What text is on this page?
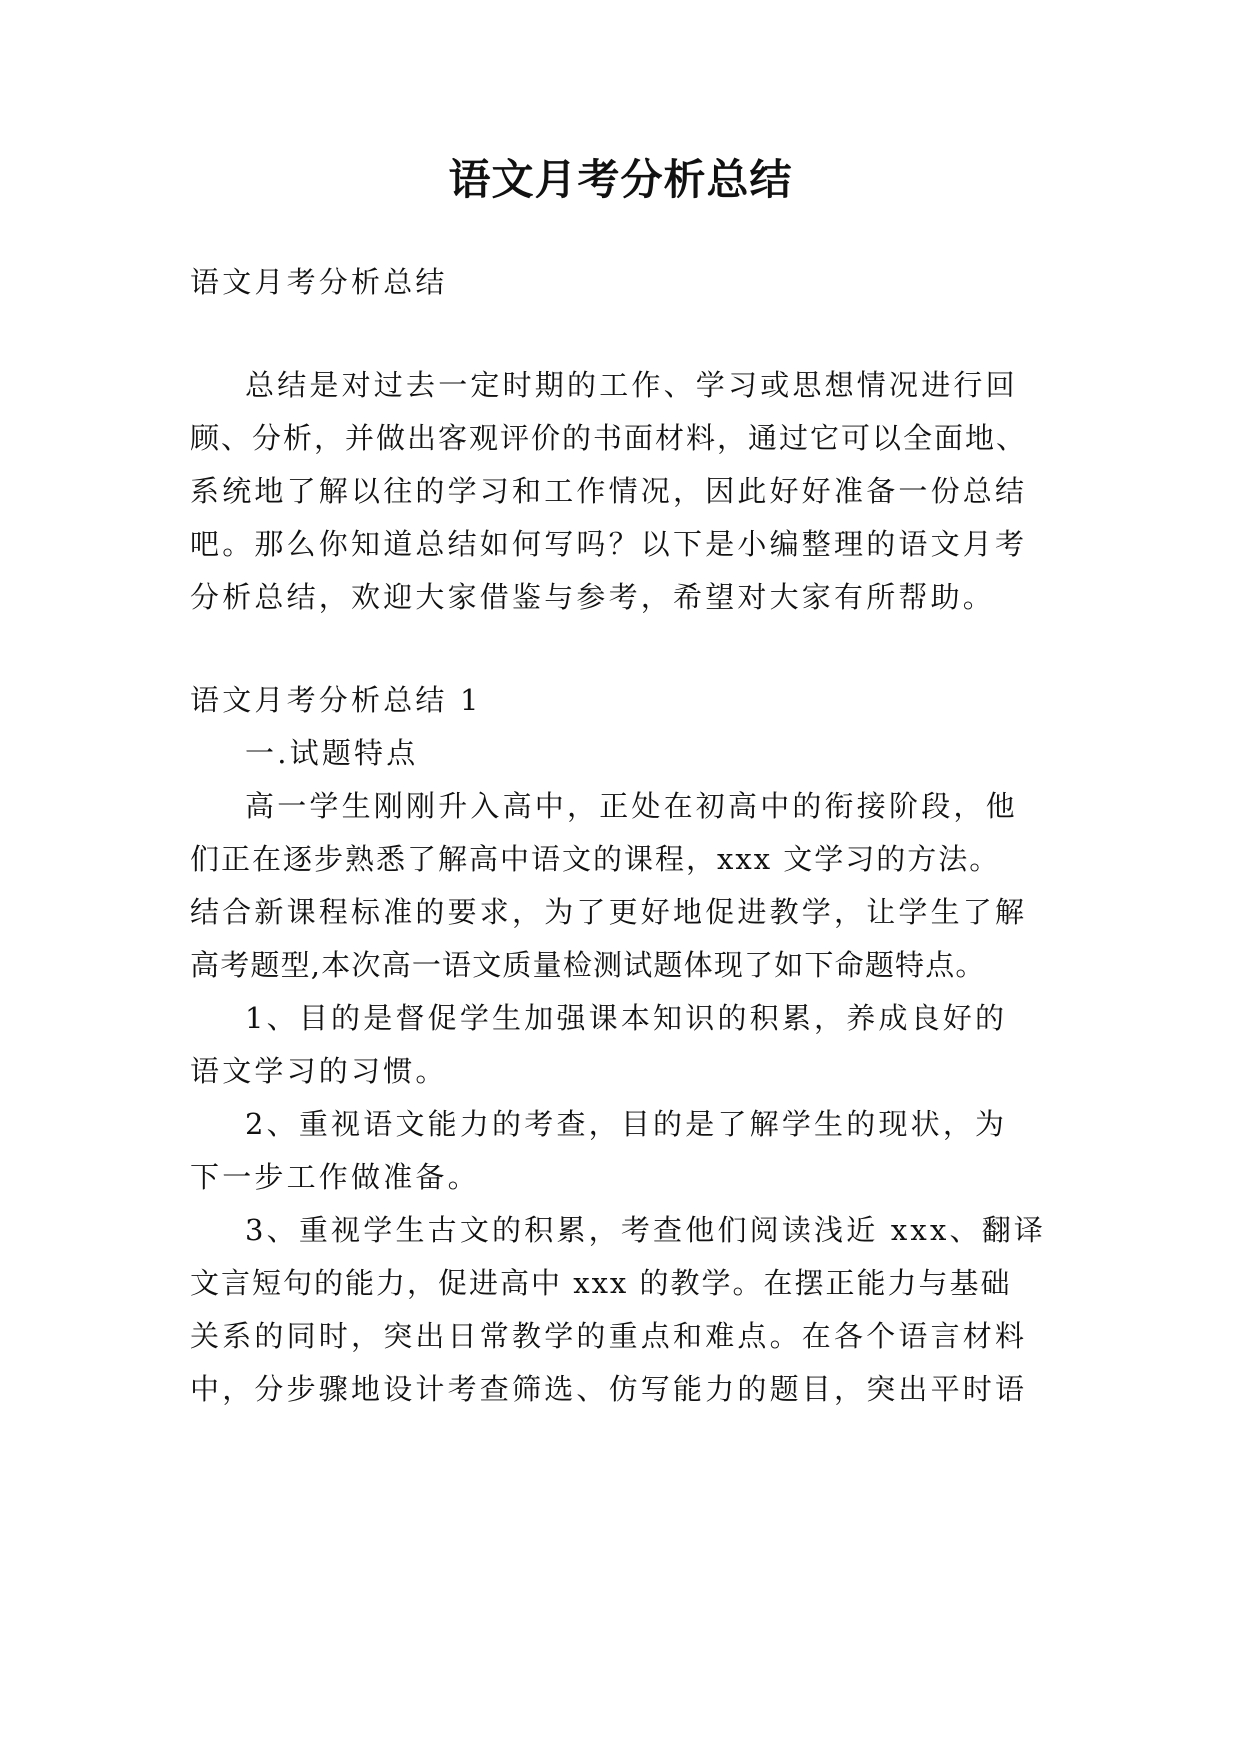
语文月考分析总结

语文月考分析总结

总结是对过去一定时期的工作、学习或思想情况进行回

顾、分析，并做出客观评价的书面材料，通过它可以全面地、

系统地了解以往的学习和工作情况，因此好好准备一份总结

吧。那么你知道总结如何写吗？以下是小编整理的语文月考

分析总结，欢迎大家借鉴与参考，希望对大家有所帮助。

语文月考分析总结 1

一.试题特点

高一学生刚刚升入高中，正处在初高中的衔接阶段，他

们正在逐步熟悉了解高中语文的课程，xxx 文学习的方法。

结合新课程标准的要求，为了更好地促进教学，让学生了解

高考题型,本次高一语文质量检测试题体现了如下命题特点。

1、目的是督促学生加强课本知识的积累，养成良好的

语文学习的习惯。

2、重视语文能力的考查，目的是了解学生的现状，为

下一步工作做准备。

3、重视学生古文的积累，考查他们阅读浅近 xxx、翻译

文言短句的能力，促进高中 xxx 的教学。在摆正能力与基础

关系的同时，突出日常教学的重点和难点。在各个语言材料

中，分步骤地设计考查筛选、仿写能力的题目，突出平时语
